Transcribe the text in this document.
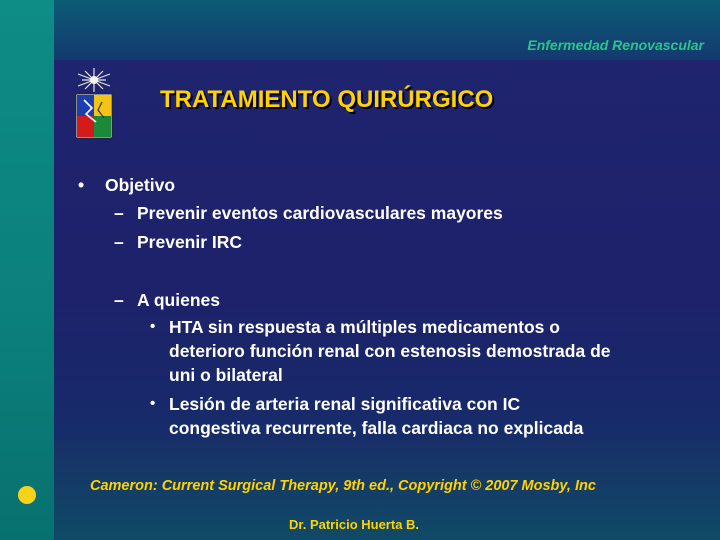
Enfermedad Renovascular
TRATAMIENTO QUIRÚRGICO
• Objetivo
– Prevenir eventos cardiovasculares mayores
– Prevenir IRC
– A quienes
• HTA sin respuesta a múltiples medicamentos o
deterioro función renal con estenosis demostrada de
uni o bilateral
• Lesión de arteria renal significativa con IC
congestiva recurrente, falla cardiaca no explicada
Cameron: Current Surgical Therapy, 9th ed., Copyright © 2007 Mosby, Inc
Dr. Patricio Huerta B.
